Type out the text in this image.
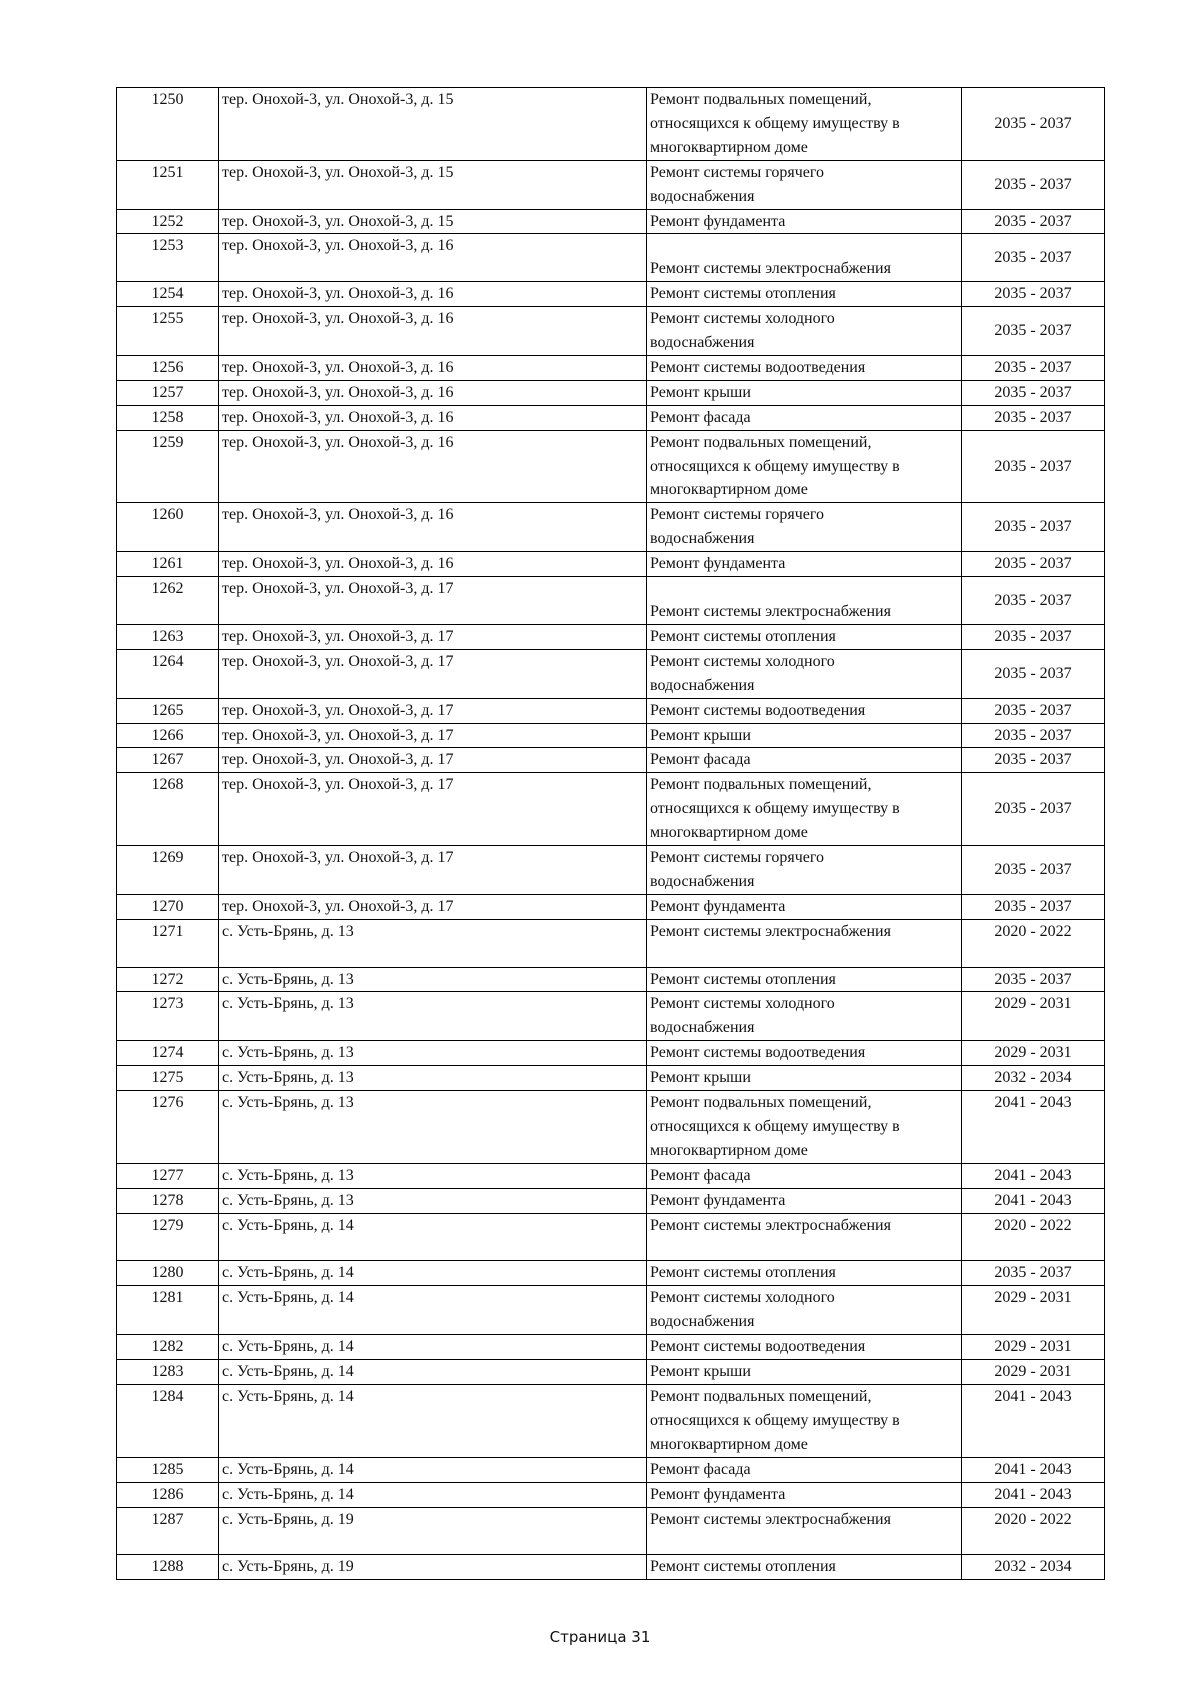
1250	тер. Онохой-3, ул. Онохой-3, д. 15	Ремонт подвальных помещений,
относящихся к общему имуществу в
многоквартирном доме	2035 - 2037
1251	тер. Онохой-3, ул. Онохой-3, д. 15	Ремонт системы горячего
водоснабжения	2035 - 2037
1252	тер. Онохой-3, ул. Онохой-3, д. 15	Ремонт фундамента	2035 - 2037
1253	тер. Онохой-3, ул. Онохой-3, д. 16	Ремонт системы электроснабжения	2035 - 2037
1254	тер. Онохой-3, ул. Онохой-3, д. 16	Ремонт системы отопления	2035 - 2037
1255	тер. Онохой-3, ул. Онохой-3, д. 16	Ремонт системы холодного
водоснабжения	2035 - 2037
1256	тер. Онохой-3, ул. Онохой-3, д. 16	Ремонт системы водоотведения	2035 - 2037
1257	тер. Онохой-3, ул. Онохой-3, д. 16	Ремонт крыши	2035 - 2037
1258	тер. Онохой-3, ул. Онохой-3, д. 16	Ремонт фасада	2035 - 2037
1259	тер. Онохой-3, ул. Онохой-3, д. 16	Ремонт подвальных помещений,
относящихся к общему имуществу в
многоквартирном доме	2035 - 2037
1260	тер. Онохой-3, ул. Онохой-3, д. 16	Ремонт системы горячего
водоснабжения	2035 - 2037
1261	тер. Онохой-3, ул. Онохой-3, д. 16	Ремонт фундамента	2035 - 2037
1262	тер. Онохой-3, ул. Онохой-3, д. 17	Ремонт системы электроснабжения	2035 - 2037
1263	тер. Онохой-3, ул. Онохой-3, д. 17	Ремонт системы отопления	2035 - 2037
1264	тер. Онохой-3, ул. Онохой-3, д. 17	Ремонт системы холодного
водоснабжения	2035 - 2037
1265	тер. Онохой-3, ул. Онохой-3, д. 17	Ремонт системы водоотведения	2035 - 2037
1266	тер. Онохой-3, ул. Онохой-3, д. 17	Ремонт крыши	2035 - 2037
1267	тер. Онохой-3, ул. Онохой-3, д. 17	Ремонт фасада	2035 - 2037
1268	тер. Онохой-3, ул. Онохой-3, д. 17	Ремонт подвальных помещений,
относящихся к общему имуществу в
многоквартирном доме	2035 - 2037
1269	тер. Онохой-3, ул. Онохой-3, д. 17	Ремонт системы горячего
водоснабжения	2035 - 2037
1270	тер. Онохой-3, ул. Онохой-3, д. 17	Ремонт фундамента	2035 - 2037
1271	с. Усть-Брянь, д. 13	Ремонт системы электроснабжения	2020 - 2022
1272	с. Усть-Брянь, д. 13	Ремонт системы отопления	2035 - 2037
1273	с. Усть-Брянь, д. 13	Ремонт системы холодного
водоснабжения	2029 - 2031
1274	с. Усть-Брянь, д. 13	Ремонт системы водоотведения	2029 - 2031
1275	с. Усть-Брянь, д. 13	Ремонт крыши	2032 - 2034
1276	с. Усть-Брянь, д. 13	Ремонт подвальных помещений,
относящихся к общему имуществу в
многоквартирном доме	2041 - 2043
1277	с. Усть-Брянь, д. 13	Ремонт фасада	2041 - 2043
1278	с. Усть-Брянь, д. 13	Ремонт фундамента	2041 - 2043
1279	с. Усть-Брянь, д. 14	Ремонт системы электроснабжения	2020 - 2022
1280	с. Усть-Брянь, д. 14	Ремонт системы отопления	2035 - 2037
1281	с. Усть-Брянь, д. 14	Ремонт системы холодного
водоснабжения	2029 - 2031
1282	с. Усть-Брянь, д. 14	Ремонт системы водоотведения	2029 - 2031
1283	с. Усть-Брянь, д. 14	Ремонт крыши	2029 - 2031
1284	с. Усть-Брянь, д. 14	Ремонт подвальных помещений,
относящихся к общему имуществу в
многоквартирном доме	2041 - 2043
1285	с. Усть-Брянь, д. 14	Ремонт фасада	2041 - 2043
1286	с. Усть-Брянь, д. 14	Ремонт фундамента	2041 - 2043
1287	с. Усть-Брянь, д. 19	Ремонт системы электроснабжения	2020 - 2022
1288	с. Усть-Брянь, д. 19	Ремонт системы отопления	2032 - 2034
Страница 31
